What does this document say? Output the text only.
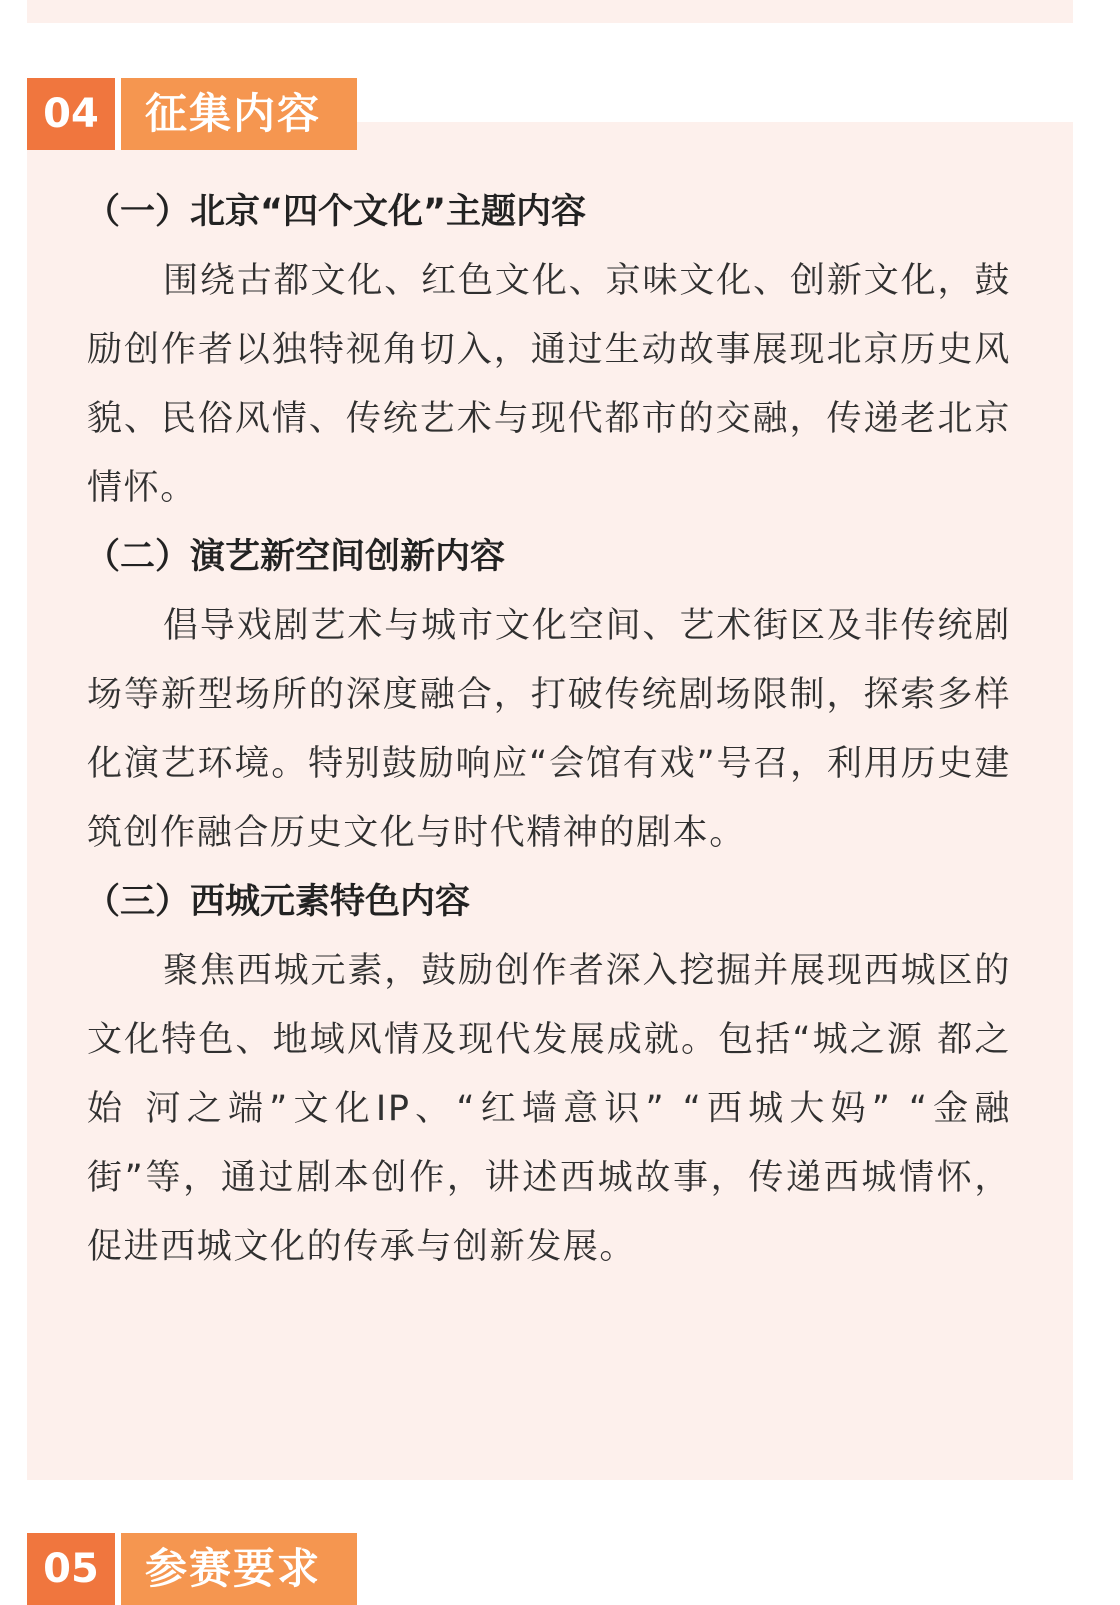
04	征集内容
（一）北京“四个文化”主题内容

围绕古都文化、红色文化、京味文化、创新文化，鼓励创作者以独特视角切入，通过生动故事展现北京历史风貌、民俗风情、传统艺术与现代都市的交融，传递老北京情怀。

（二）演艺新空间创新内容

倡导戏剧艺术与城市文化空间、艺术街区及非传统剧场等新型场所的深度融合，打破传统剧场限制，探索多样化演艺环境。特别鼓励响应“会馆有戏”号召，利用历史建筑创作融合历史文化与时代精神的剧本。

（三）西城元素特色内容

聚焦西城元素，鼓励创作者深入挖掘并展现西城区的文化特色、地域风情及现代发展成就。包括“城之源 都之始 河之端”文化IP、“红墙意识” “西城大妈” “金融街”等，通过剧本创作，讲述西城故事，传递西城情怀，促进西城文化的传承与创新发展。

05	参赛要求
